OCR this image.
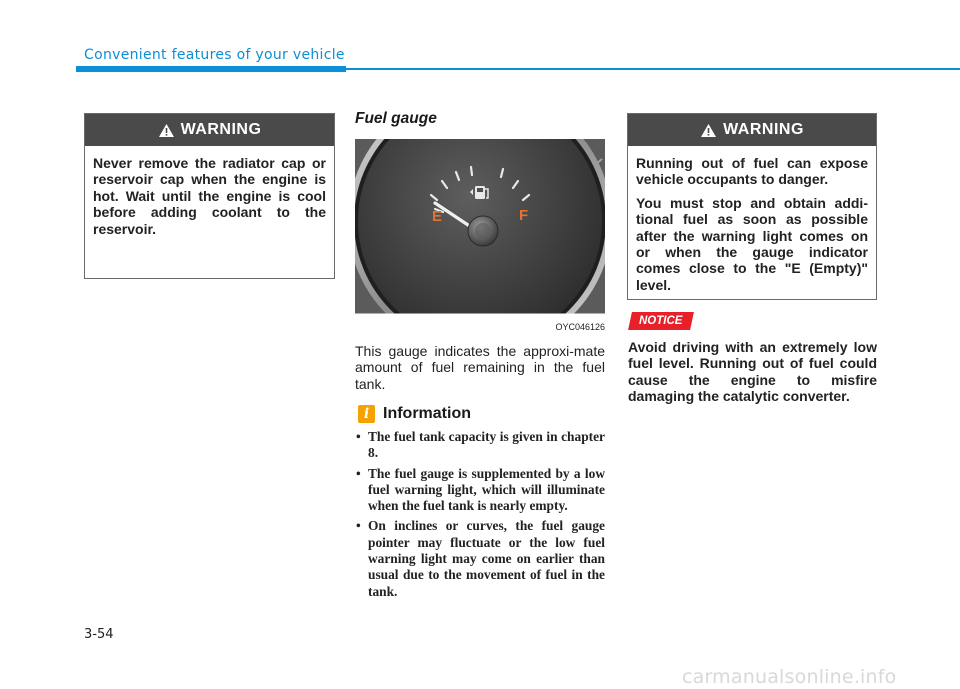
Convenient features of your vehicle
WARNING
Never remove the radiator cap or reservoir cap when the engine is hot. Wait until the engine is cool before adding coolant to the reservoir.
Fuel gauge
E	F
OYC046126
This gauge indicates the approxi-mate amount of fuel remaining in the fuel tank.
i Information
• The fuel tank capacity is given in chapter 8.
• The fuel gauge is supplemented by a low fuel warning light, which will illuminate when the fuel tank is nearly empty.
• On inclines or curves, the fuel gauge pointer may fluctuate or the low fuel warning light may come on earlier than usual due to the movement of fuel in the tank.
WARNING

Running out of fuel can expose vehicle occupants to danger.

You must stop and obtain addi-tional fuel as soon as possible after the warning light comes on or when the gauge indicator comes close to the "E (Empty)" level.

NOTICE
Avoid driving with an extremely low fuel level. Running out of fuel could cause the engine to misfire damaging the catalytic converter.
3-54
carmanualsonline.info
